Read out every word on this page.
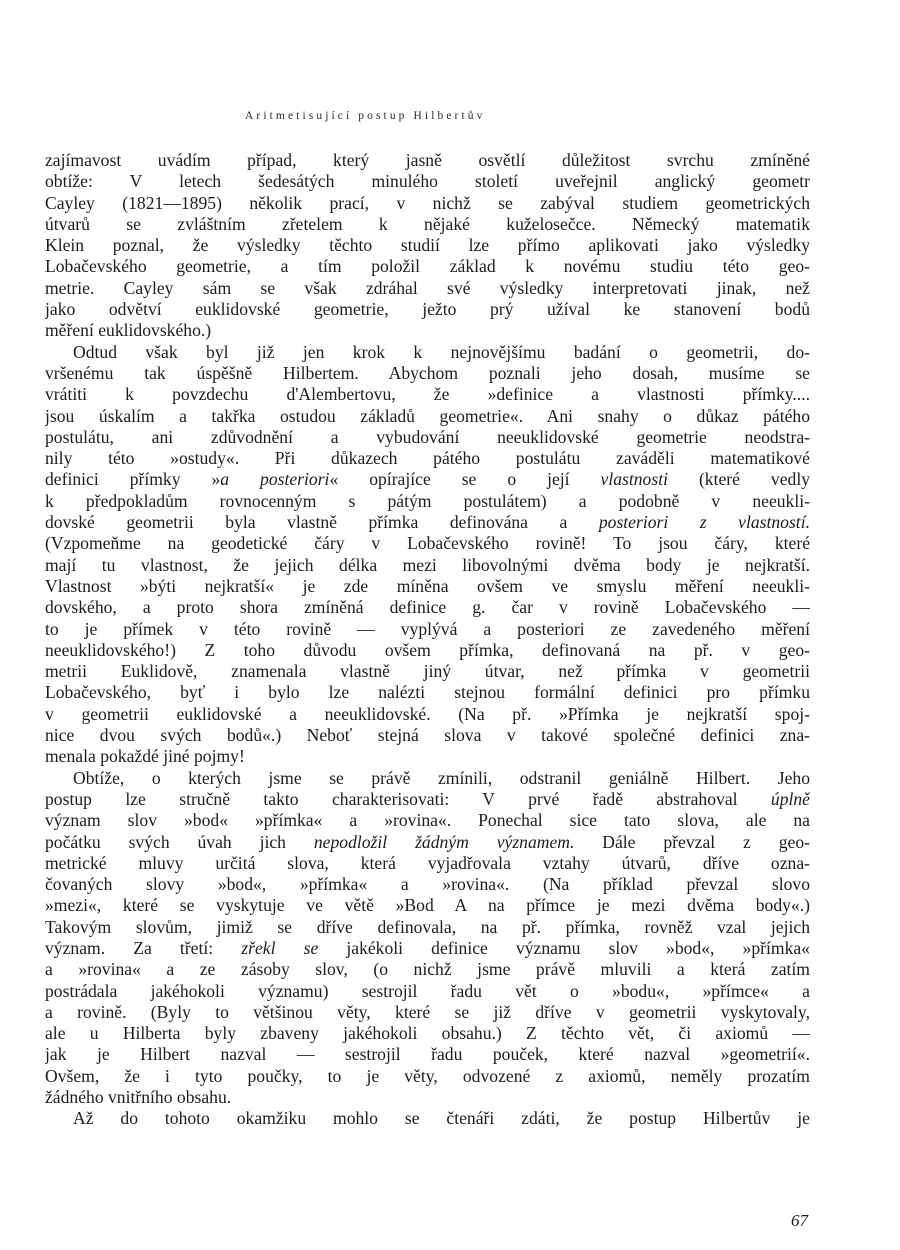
Aritmetisující postup Hilbertův
zajímavost uvádím případ, který jasně osvětlí důležitost svrchu zmíněné
obtíže: V letech šedesátých minulého století uveřejnil anglický geometr
Cayley (1821—1895) několik prací, v nichž se zabýval studiem geometrických
útvarů se zvláštním zřetelem k nějaké kuželosečce. Německý matematik
Klein poznal, že výsledky těchto studií lze přímo aplikovati jako výsledky
Lobačevského geometrie, a tím položil základ k novému studiu této geo-
metrie. Cayley sám se však zdráhal své výsledky interpretovati jinak, než
jako odvětví euklidovské geometrie, ježto prý užíval ke stanovení bodů
měření euklidovského.)
Odtud však byl již jen krok k nejnovějšímu badání o geometrii, do-
vršenému tak úspěšně Hilbertem. Abychom poznali jeho dosah, musíme se
vrátiti k povzdechu d'Alembertovu, že »definice a vlastnosti přímky....
jsou úskalím a takřka ostudou základů geometrie«. Ani snahy o důkaz pátého
postulátu, ani zdůvodnění a vybudování neeuklidovské geometrie neodstra-
nily této »ostudy«. Při důkazech pátého postulátu zaváděli matematikové
definici přímky »a posteriori« opírajíce se o její vlastnosti (které vedly
k předpokladům rovnocenným s pátým postulátem) a podobně v neeukli-
dovské geometrii byla vlastně přímka definována a posteriori z vlastností.
(Vzpomeňme na geodetické čáry v Lobačevského rovině! To jsou čáry, které
mají tu vlastnost, že jejich délka mezi libovolnými dvěma body je nejkratší.
Vlastnost »býti nejkratší« je zde míněna ovšem ve smyslu měření neeukli-
dovského, a proto shora zmíněná definice g. čar v rovině Lobačevského —
to je přímek v této rovině — vyplývá a posteriori ze zavedeného měření
neeuklidovského!) Z toho důvodu ovšem přímka, definovaná na př. v geo-
metrii Euklidově, znamenala vlastně jiný útvar, než přímka v geometrii
Lobačevského, byť i bylo lze nalézti stejnou formální definici pro přímku
v geometrii euklidovské a neeuklidovské. (Na př. »Přímka je nejkratší spoj-
nice dvou svých bodů«.) Neboť stejná slova v takové společné definici zna-
menala pokaždé jiné pojmy!
Obtíže, o kterých jsme se právě zmínili, odstranil geniálně Hilbert. Jeho
postup lze stručně takto charakterisovati: V prvé řadě abstrahoval úplně
význam slov »bod« »přímka« a »rovina«. Ponechal sice tato slova, ale na
počátku svých úvah jich nepodložil žádným významem. Dále převzal z geo-
metrické mluvy určitá slova, která vyjadřovala vztahy útvarů, dříve ozna-
čovaných slovy »bod«, »přímka« a »rovina«. (Na příklad převzal slovo
»mezi«, které se vyskytuje ve větě »Bod A na přímce je mezi dvěma body«.)
Takovým slovům, jimiž se dříve definovala, na př. přímka, rovněž vzal jejich
význam. Za třetí: zřekl se jakékoli definice významu slov »bod«, »přímka«
a »rovina« a ze zásoby slov, (o nichž jsme právě mluvili a která zatím
postrádala jakéhokoli významu) sestrojil řadu vět o »bodu«, »přímce« a
a rovině. (Byly to většinou věty, které se již dříve v geometrii vyskytovaly,
ale u Hilberta byly zbaveny jakéhokoli obsahu.) Z těchto vět, či axiomů —
jak je Hilbert nazval — sestrojil řadu pouček, které nazval »geometrií«.
Ovšem, že i tyto poučky, to je věty, odvozené z axiomů, neměly prozatím
žádného vnitřního obsahu.
Až do tohoto okamžiku mohlo se čtenáři zdáti, že postup Hilbertův je
67
